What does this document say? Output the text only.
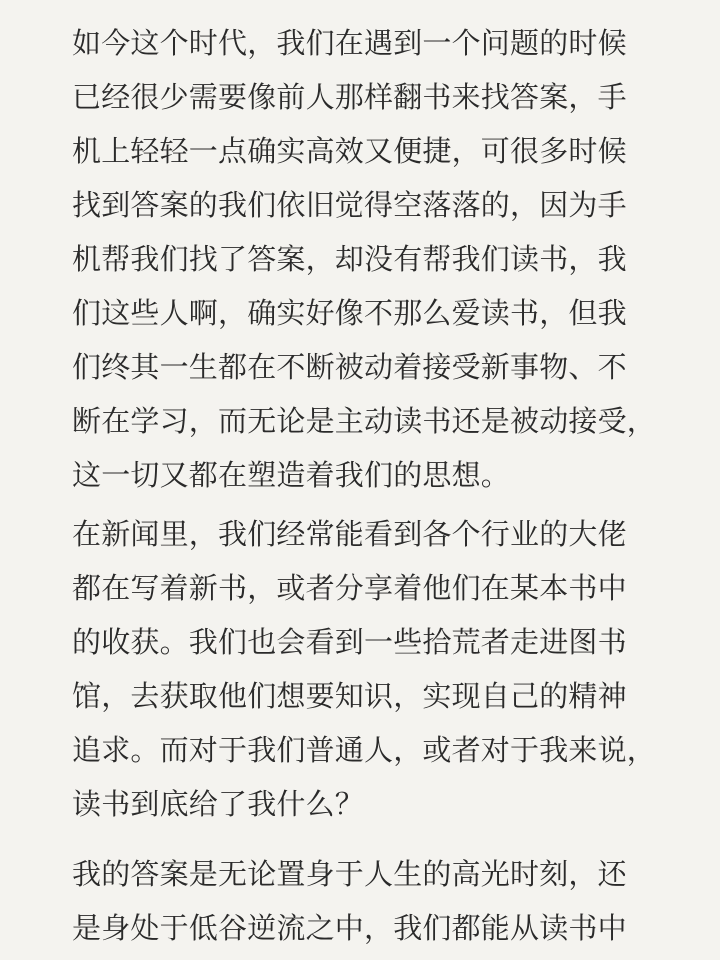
如今这个时代，我们在遇到一个问题的时候
已经很少需要像前人那样翻书来找答案，手
机上轻轻一点确实高效又便捷，可很多时候
找到答案的我们依旧觉得空落落的，因为手
机帮我们找了答案，却没有帮我们读书，我
们这些人啊，确实好像不那么爱读书，但我
们终其一生都在不断被动着接受新事物、不
断在学习，而无论是主动读书还是被动接受，
这一切又都在塑造着我们的思想。
在新闻里，我们经常能看到各个行业的大佬
都在写着新书，或者分享着他们在某本书中
的收获。我们也会看到一些拾荒者走进图书
馆，去获取他们想要知识，实现自己的精神
追求。而对于我们普通人，或者对于我来说，
读书到底给了我什么？
我的答案是无论置身于人生的高光时刻，还
是身处于低谷逆流之中，我们都能从读书中
